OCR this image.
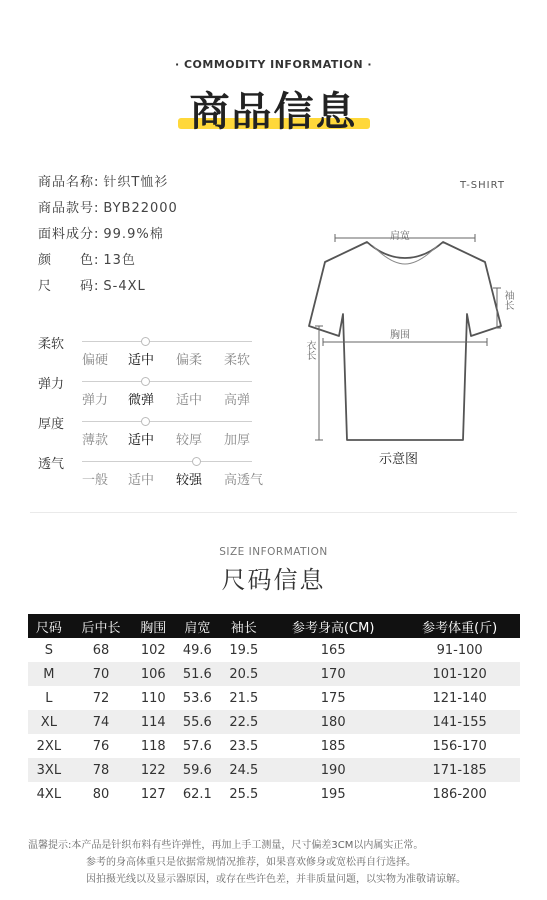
· COMMODITY INFORMATION ·
商品信息
商品名称: 针织T恤衫
商品款号: BYB22000
面料成分: 99.9%棉
颜　　色: 13色
尺　　码: S-4XL
柔软
偏硬 适中 偏柔 柔软
弹力
弹力 微弹 适中 高弹
厚度
薄款 适中 较厚 加厚
透气
一般 适中 较强 高透气
T-SHIRT
肩宽
袖长
胸围
衣长
示意图
SIZE INFORMATION
尺码信息
尺码	后中长	胸围	肩宽	袖长	参考身高(CM)	参考体重(斤)
S	68	102	49.6	19.5	165	91-100
M	70	106	51.6	20.5	170	101-120
L	72	110	53.6	21.5	175	121-140
XL	74	114	55.6	22.5	180	141-155
2XL	76	118	57.6	23.5	185	156-170
3XL	78	122	59.6	24.5	190	171-185
4XL	80	127	62.1	25.5	195	186-200
温馨提示:本产品是针织布料有些许弹性，再加上手工测量，尺寸偏差3CM以内属实正常。
参考的身高体重只是依据常规情况推荐，如果喜欢修身或宽松再自行选择。
因拍摄光线以及显示器原因，或存在些许色差，并非质量问题，以实物为准敬请谅解。
